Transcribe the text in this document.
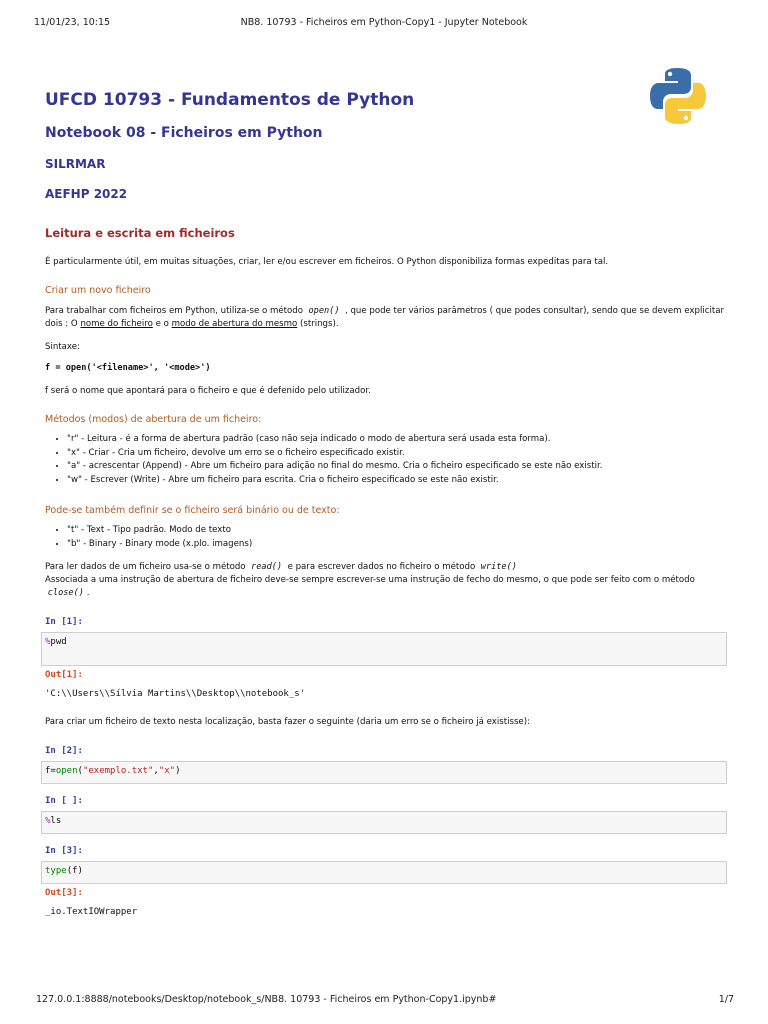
11/01/23, 10:15	NB8. 10793 - Ficheiros em Python-Copy1 - Jupyter Notebook
UFCD 10793 - Fundamentos de Python
Notebook 08 - Ficheiros em Python
SILRMAR
AEFHP 2022
Leitura e escrita em ficheiros
É particularmente útil, em muitas situações, criar, ler e/ou escrever em ficheiros. O Python disponibiliza formas expeditas para tal.
Criar um novo ficheiro
Para trabalhar com ficheiros em Python, utiliza-se o método open() , que pode ter vários parâmetros ( que podes consultar), sendo que se devem explicitar
dois : O nome do ficheiro e o modo de abertura do mesmo (strings).
Sintaxe:
f = open('<filename>', '<mode>')
f será o nome que apontará para o ficheiro e que é defenido pelo utilizador.
Métodos (modos) de abertura de um ficheiro:
• "r" - Leitura - é a forma de abertura padrão (caso não seja indicado o modo de abertura será usada esta forma).
• "x" - Criar - Cria um ficheiro, devolve um erro se o ficheiro especificado existir.
• "a" - acrescentar (Append) - Abre um ficheiro para adição no final do mesmo. Cria o ficheiro especificado se este não existir.
• "w" - Escrever (Write) - Abre um ficheiro para escrita. Cria o ficheiro especificado se este não existir.
Pode-se também definir se o ficheiro será binário ou de texto:
• "t" - Text - Tipo padrão. Modo de texto
• "b" - Binary - Binary mode (x.plo. imagens)
Para ler dados de um ficheiro usa-se o método read() e para escrever dados no ficheiro o método write()
Associada a uma instrução de abertura de ficheiro deve-se sempre escrever-se uma instrução de fecho do mesmo, o que pode ser feito com o método
close() .
In [1]:
%pwd
Out[1]:
'C:\\Users\\Sílvia Martins\\Desktop\\notebook_s'
Para criar um ficheiro de texto nesta localização, basta fazer o seguinte (daria um erro se o ficheiro já existisse):
In [2]:
f=open("exemplo.txt","x")
In [ ]:
%ls
In [3]:
type(f)
Out[3]:
_io.TextIOWrapper
127.0.0.1:8888/notebooks/Desktop/notebook_s/NB8. 10793 - Ficheiros em Python-Copy1.ipynb#	1/7
